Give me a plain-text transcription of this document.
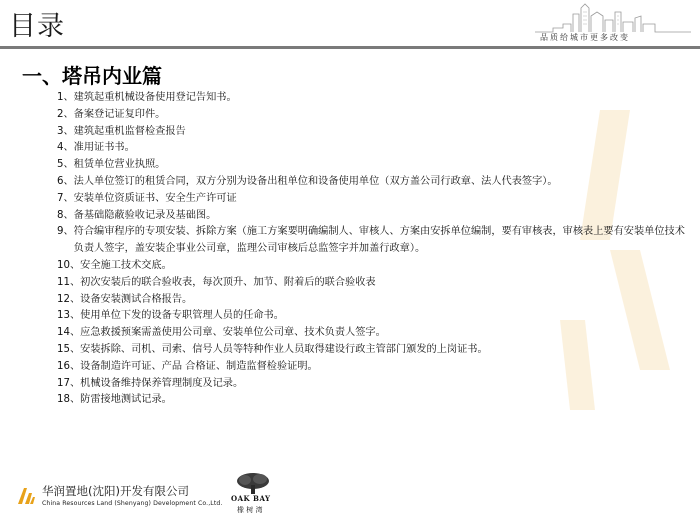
目录	品质给城市更多改变
一、塔吊内业篇
1、 建筑起重机械设备使用登记告知书。
2、 备案登记证复印件。
3、 建筑起重机监督检查报告
4、 准用证书书。
5、 租赁单位营业执照。
6、 法人单位签订的租赁合同，双方分别为设备出租单位和设备使用单位（双方盖公司行政章、法人代表签字）。
7、 安装单位资质证书、安全生产许可证
8、 备基础隐蔽验收记录及基础图。
9、 符合编审程序的专项安装、拆除方案（施工方案要明确编制人、审核人、方案由安拆单位编制，要有审核表，审核表上要有安装单位技术负责人签字，盖安装企事业公司章，监理公司审核后总监签字并加盖行政章）。
10、 安全施工技术交底。
11、 初次安装后的联合验收表，每次顶升、加节、附着后的联合验收表
12、 设备安装测试合格报告。
13、 使用单位下发的设备专职管理人员的任命书。
14、 应急救援预案需盖使用公司章、安装单位公司章、技术负责人签字。
15、 安装拆除、司机、司索、信号人员等特种作业人员取得建设行政主管部门颁发的上岗证书。
16、 设备制造许可证、产品 合格证、制造监督检验证明。
17、 机械设备维持保养管理制度及记录。
18、 防雷接地测试记录。
华润置地(沈阳)开发有限公司
China Resources Land (Shenyang) Development Co.,Ltd.
OAK BAY
橡 树 湾
